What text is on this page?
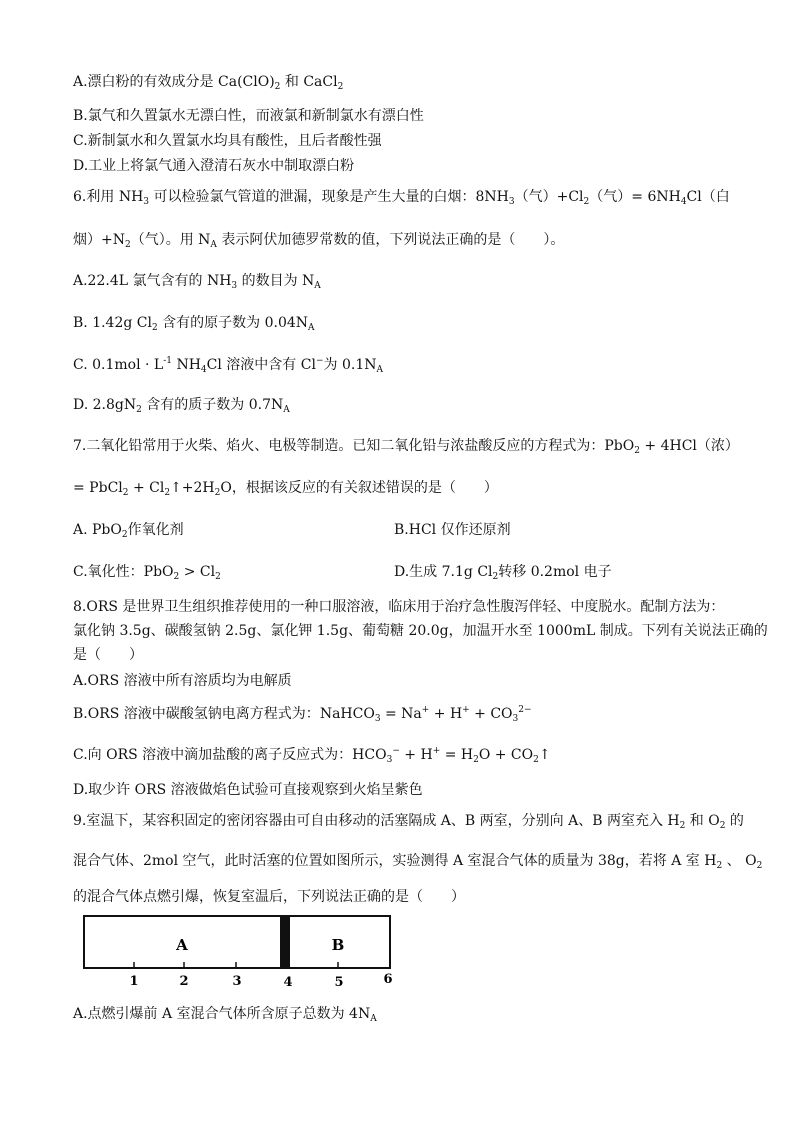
A.漂白粉的有效成分是 $Ca(ClO)_2$ 和 CaCl$_2$
B.氯气和久置氯水无漂白性，而液氯和新制氯水有漂白性
C.新制氯水和久置氯水均具有酸性，且后者酸性强
D.工业上将氯气通入澄清石灰水中制取漂白粉
6.利用 $NH_3$ 可以检验氯气管道的泄漏，现象是产生大量的白烟：$8NH_3$（气）$+Cl_2$（气）= $6NH_4Cl$（白
烟）$+N_2$（气）。用 $N_A$ 表示阿伏加德罗常数的值，下列说法正确的是（　　）。
A.22.4L 氯气含有的 $NH_3$ 的数目为 $N_A$
B. 1.42g $Cl_2$ 含有的原子数为 $0.04N_A$
C. $0.1mol \cdot L^{-1}$ $NH_4Cl$ 溶液中含有 Cl−为 $0.1N_A$
D. $2.8gN_2$ 含有的质子数为 $0.7N_A$
7.二氧化铅常用于火柴、焰火、电极等制造。已知二氧化铅与浓盐酸反应的方程式为：PbO$_2$ + 4HCl（浓）
= PbCl$_2$ + $Cl_2↑+2H_2O$，根据该反应的有关叙述错误的是（　　）
A. PbO$_2$作氧化剂	B.HCl 仅作还原剂
C.氧化性：$PbO_2 > Cl_2$	D.生成 7.1g $Cl_2$转移 0.2mol 电子
8.ORS 是世界卫生组织推荐使用的一种口服溶液，临床用于治疗急性腹泻伴轻、中度脱水。配制方法为：
氯化钠 3.5g、碳酸氢钠 2.5g、氯化钾 1.5g、葡萄糖 20.0g，加温开水至 1000mL 制成。下列有关说法正确的
是（　　）
A.ORS 溶液中所有溶质均为电解质
B.ORS 溶液中碳酸氢钠电离方程式为：NaHCO$_3$ = $Na^+ + H^+ + CO_3^{2-}$
C.向 ORS 溶液中滴加盐酸的离子反应式为：$HCO_3^- + H^+ = H_2O$ + $CO_2↑$
D.取少许 ORS 溶液做焰色试验可直接观察到火焰呈紫色
9.室温下，某容积固定的密闭容器由可自由移动的活塞隔成 A、B 两室，分别向 A、B 两室充入 $H_2$ 和 $O_2$ 的
混合气体、2mol 空气，此时活塞的位置如图所示，实验测得 A 室混合气体的质量为 38g，若将 A 室 $H_2$ 、 $O_2$
的混合气体点燃引爆，恢复室温后，下列说法正确的是（　　）
A	B
1	2	3	4	5	6
A.点燃引爆前 A 室混合气体所含原子总数为 $4N_A$
